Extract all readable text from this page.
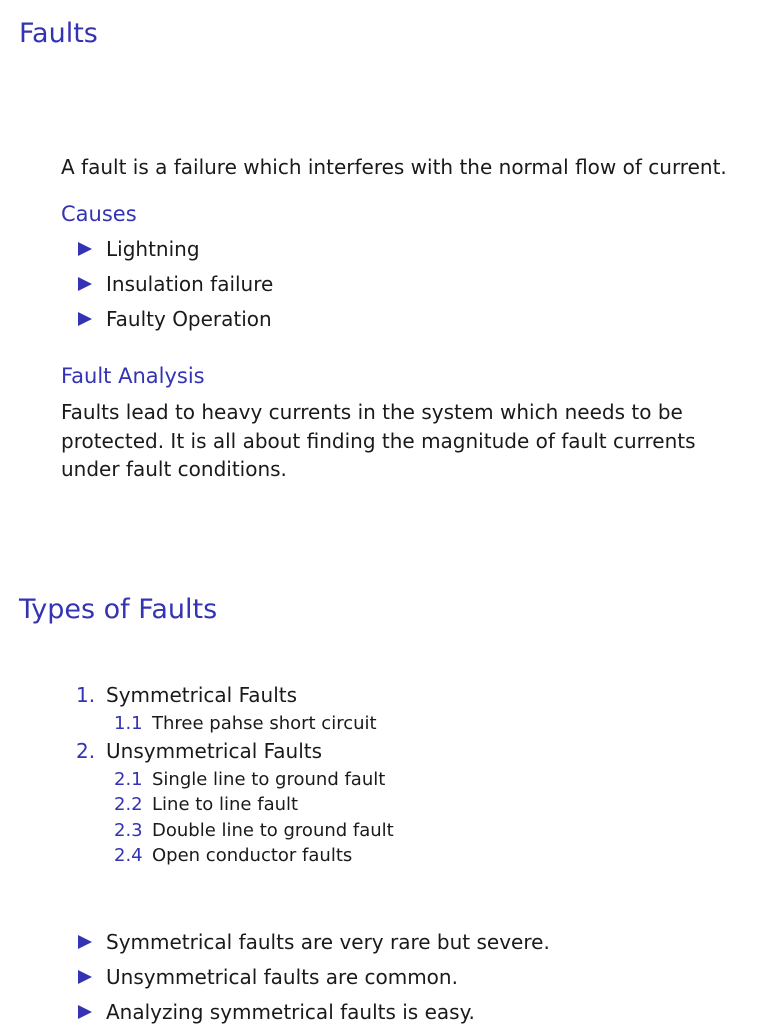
Faults
A fault is a failure which interferes with the normal flow of current.
Causes
Lightning
Insulation failure
Faulty Operation
Fault Analysis
Faults lead to heavy currents in the system which needs to be protected. It is all about finding the magnitude of fault currents under fault conditions.
Types of Faults
1. Symmetrical Faults
1.1 Three pahse short circuit
2. Unsymmetrical Faults
2.1 Single line to ground fault
2.2 Line to line fault
2.3 Double line to ground fault
2.4 Open conductor faults
Symmetrical faults are very rare but severe.
Unsymmetrical faults are common.
Analyzing symmetrical faults is easy.
